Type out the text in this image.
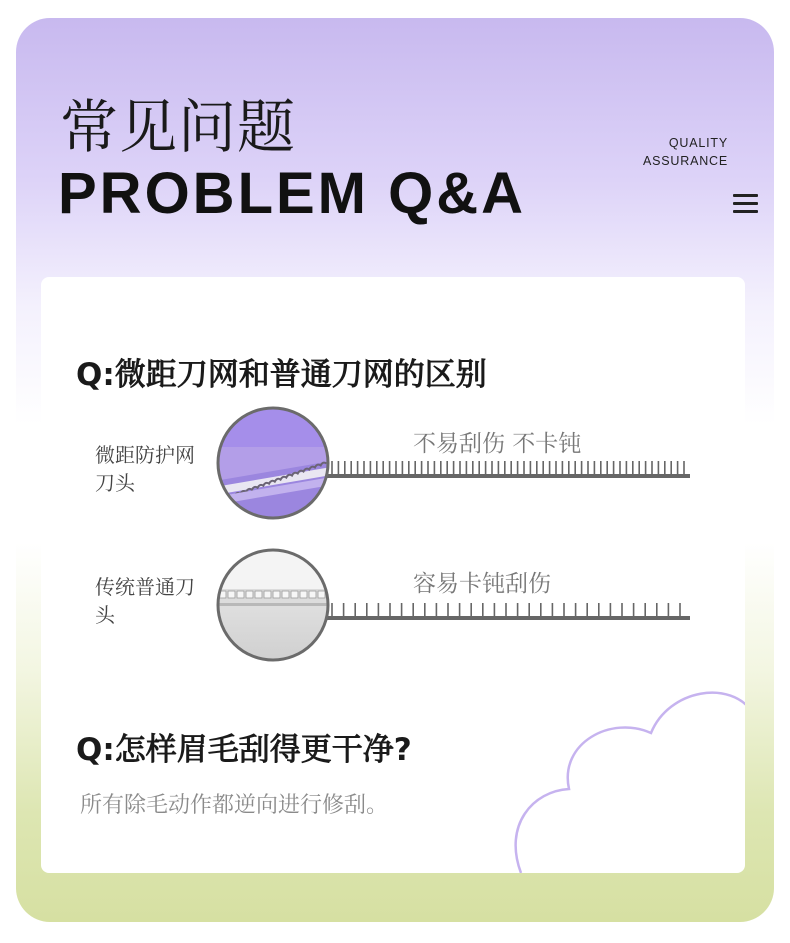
常见问题
PROBLEM Q&A
QUALITY
ASSURANCE
Q:微距刀网和普通刀网的区别
微距防护网刀头
不易刮伤 不卡钝
传统普通刀头
容易卡钝刮伤
Q:怎样眉毛刮得更干净?
所有除毛动作都逆向进行修刮。
